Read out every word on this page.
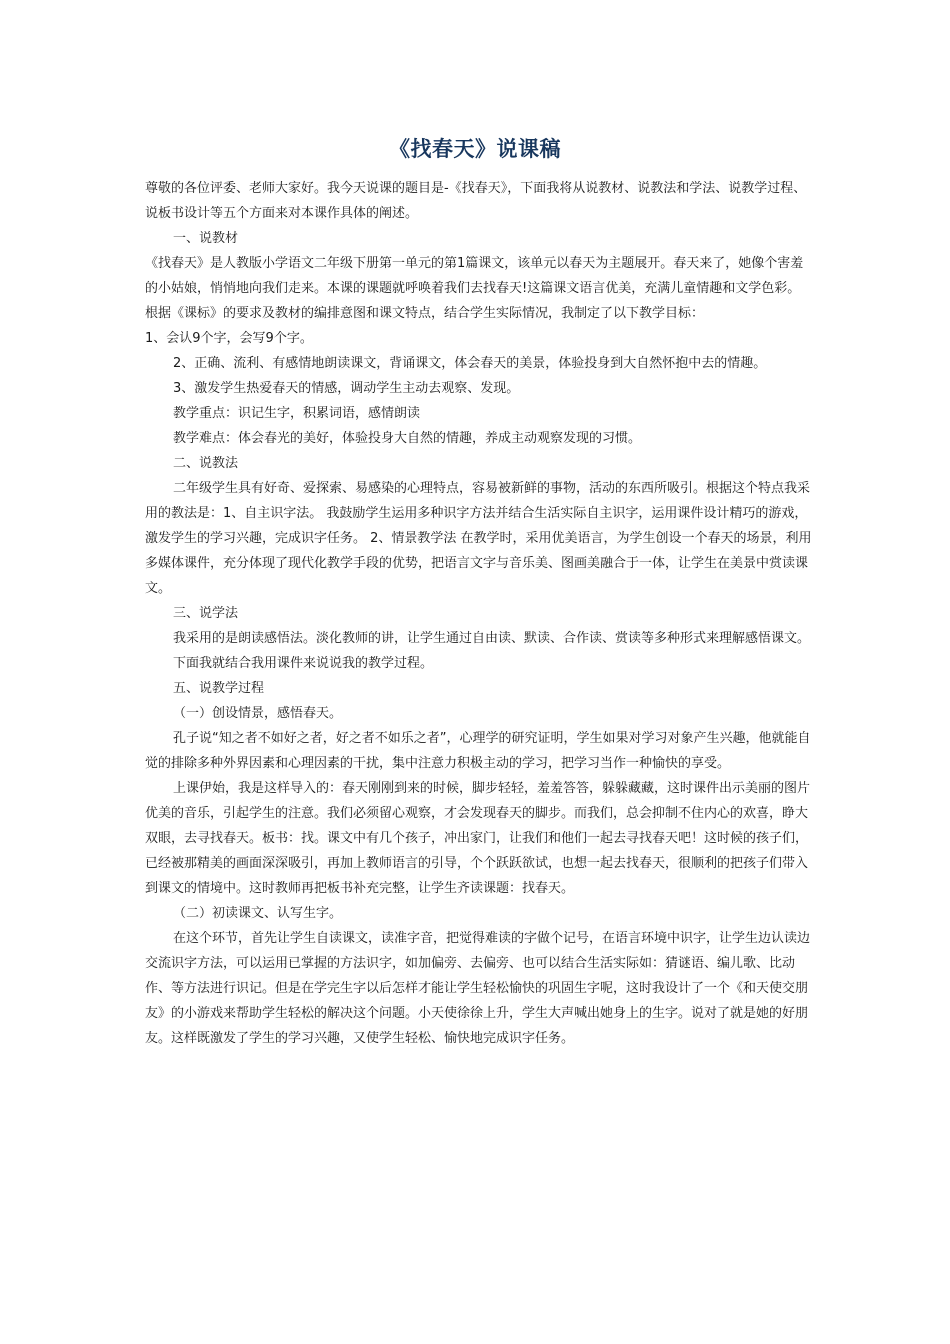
《找春天》说课稿

尊敬的各位评委、老师大家好。我今天说课的题目是-《找春天》，下面我将从说教材、说教法和学法、说教学过程、说板书设计等五个方面来对本课作具体的阐述。

一、说教材

《找春天》是人教版小学语文二年级下册第一单元的第1篇课文，该单元以春天为主题展开。春天来了，她像个害羞的小姑娘，悄悄地向我们走来。本课的课题就呼唤着我们去找春天!这篇课文语言优美，充满儿童情趣和文学色彩。

根据《课标》的要求及教材的编排意图和课文特点，结合学生实际情况，我制定了以下教学目标：

1、会认9个字，会写9个字。

2、正确、流利、有感情地朗读课文，背诵课文，体会春天的美景，体验投身到大自然怀抱中去的情趣。

3、激发学生热爱春天的情感，调动学生主动去观察、发现。

教学重点：识记生字，积累词语，感情朗读

教学难点：体会春光的美好，体验投身大自然的情趣，养成主动观察发现的习惯。

二、说教法

二年级学生具有好奇、爱探索、易感染的心理特点，容易被新鲜的事物，活动的东西所吸引。根据这个特点我采用的教法是：1、自主识字法。 我鼓励学生运用多种识字方法并结合生活实际自主识字，运用课件设计精巧的游戏，激发学生的学习兴趣，完成识字任务。 2、情景教学法 在教学时，采用优美语言，为学生创设一个春天的场景，利用多媒体课件，充分体现了现代化教学手段的优势，把语言文字与音乐美、图画美融合于一体，让学生在美景中赏读课文。

三、说学法

我采用的是朗读感悟法。淡化教师的讲，让学生通过自由读、默读、合作读、赏读等多种形式来理解感悟课文。

下面我就结合我用课件来说说我的教学过程。

五、说教学过程

（一）创设情景，感悟春天。

孔子说“知之者不如好之者，好之者不如乐之者”，心理学的研究证明，学生如果对学习对象产生兴趣，他就能自觉的排除多种外界因素和心理因素的干扰，集中注意力积极主动的学习，把学习当作一种愉快的享受。

上课伊始，我是这样导入的：春天刚刚到来的时候，脚步轻轻，羞羞答答，躲躲藏藏，这时课件出示美丽的图片优美的音乐，引起学生的注意。我们必须留心观察，才会发现春天的脚步。而我们，总会抑制不住内心的欢喜，睁大双眼，去寻找春天。板书：找。课文中有几个孩子，冲出家门，让我们和他们一起去寻找春天吧！这时候的孩子们，已经被那精美的画面深深吸引，再加上教师语言的引导，个个跃跃欲试，也想一起去找春天，很顺利的把孩子们带入到课文的情境中。这时教师再把板书补充完整，让学生齐读课题：找春天。

（二）初读课文、认写生字。

在这个环节，首先让学生自读课文，读准字音，把觉得难读的字做个记号，在语言环境中识字，让学生边认读边交流识字方法，可以运用已掌握的方法识字，如加偏旁、去偏旁、也可以结合生活实际如：猜谜语、编儿歌、比动作、等方法进行识记。但是在学完生字以后怎样才能让学生轻松愉快的巩固生字呢，这时我设计了一个《和天使交朋友》的小游戏来帮助学生轻松的解决这个问题。小天使徐徐上升，学生大声喊出她身上的生字。说对了就是她的好朋友。这样既激发了学生的学习兴趣，又使学生轻松、愉快地完成识字任务。
